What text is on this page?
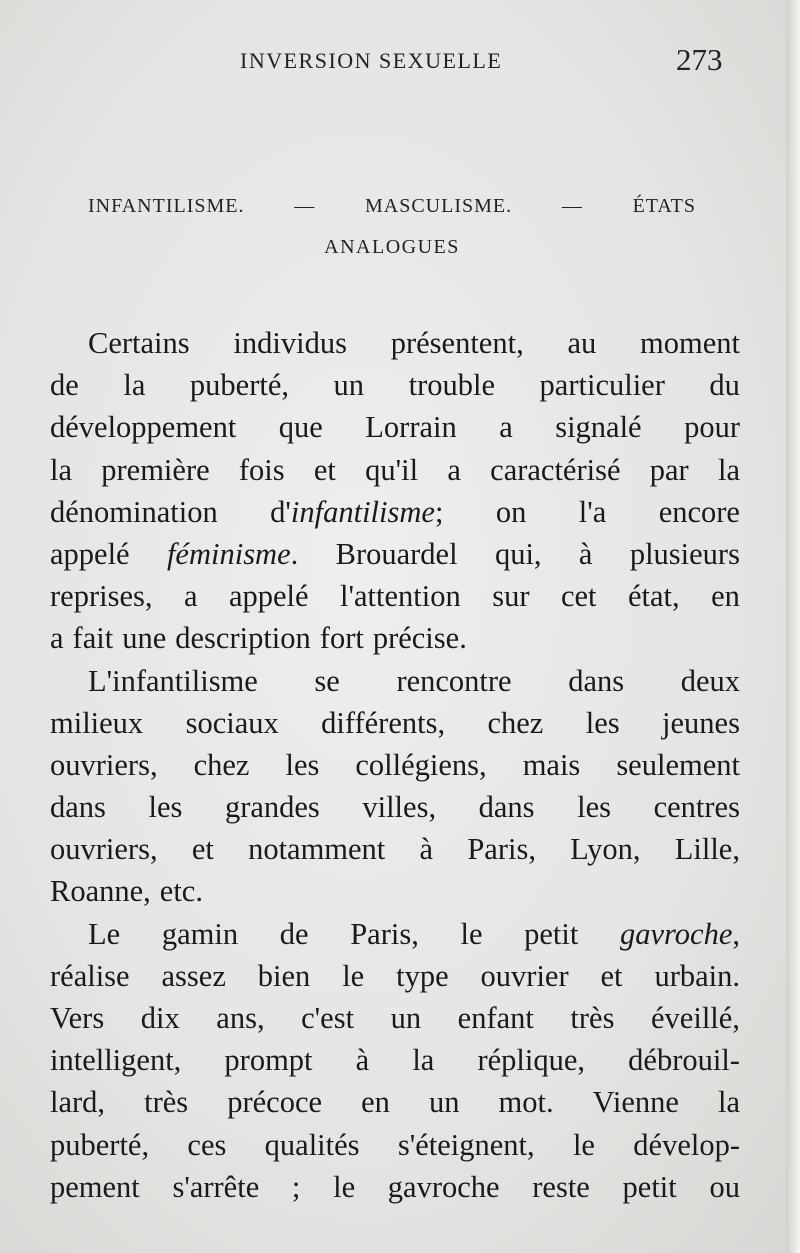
INVERSION SEXUELLE	273
INFANTILISME. — MASCULISME. — ÉTATS
ANALOGUES
Certains individus présentent, au moment
de la puberté, un trouble particulier du
développement que Lorrain a signalé pour
la première fois et qu'il a caractérisé par la
dénomination d'infantilisme; on l'a encore
appelé féminisme. Brouardel qui, à plusieurs
reprises, a appelé l'attention sur cet état, en
a fait une description fort précise.
L'infantilisme se rencontre dans deux
milieux sociaux différents, chez les jeunes
ouvriers, chez les collégiens, mais seulement
dans les grandes villes, dans les centres
ouvriers, et notamment à Paris, Lyon, Lille,
Roanne, etc.
Le gamin de Paris, le petit gavroche,
réalise assez bien le type ouvrier et urbain.
Vers dix ans, c'est un enfant très éveillé,
intelligent, prompt à la réplique, débrouil-
lard, très précoce en un mot. Vienne la
puberté, ces qualités s'éteignent, le dévelop-
pement s'arrête ; le gavroche reste petit ou
